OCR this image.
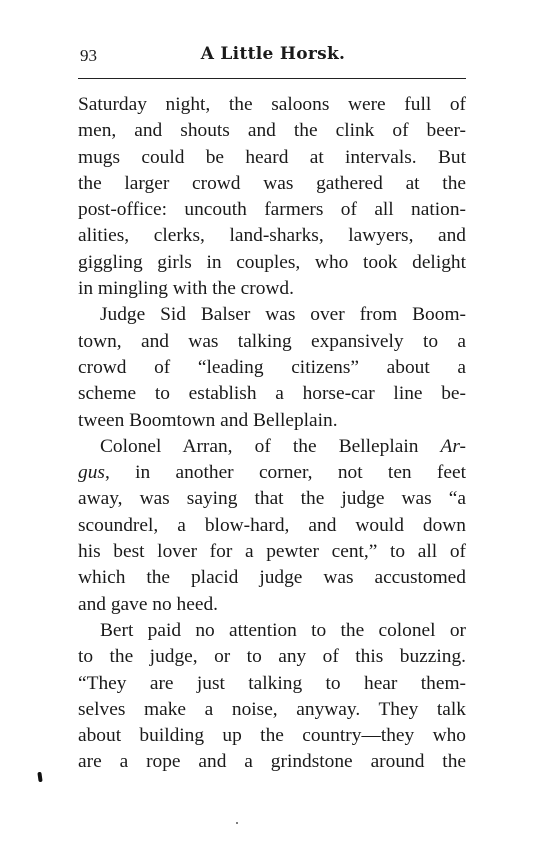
93	A Little Horsk.
Saturday night, the saloons were full of
men, and shouts and the clink of beer-
mugs could be heard at intervals. But
the larger crowd was gathered at the
post-office: uncouth farmers of all nation-
alities, clerks, land-sharks, lawyers, and
giggling girls in couples, who took delight
in mingling with the crowd.
Judge Sid Balser was over from Boom-
town, and was talking expansively to a
crowd of “leading citizens” about a
scheme to establish a horse-car line be-
tween Boomtown and Belleplain.
Colonel Arran, of the Belleplain Ar-
gus, in another corner, not ten feet
away, was saying that the judge was “a
scoundrel, a blow-hard, and would down
his best lover for a pewter cent,” to all of
which the placid judge was accustomed
and gave no heed.
Bert paid no attention to the colonel or
to the judge, or to any of this buzzing.
“They are just talking to hear them-
selves make a noise, anyway. They talk
about building up the country—they who
are a rope and a grindstone around the
